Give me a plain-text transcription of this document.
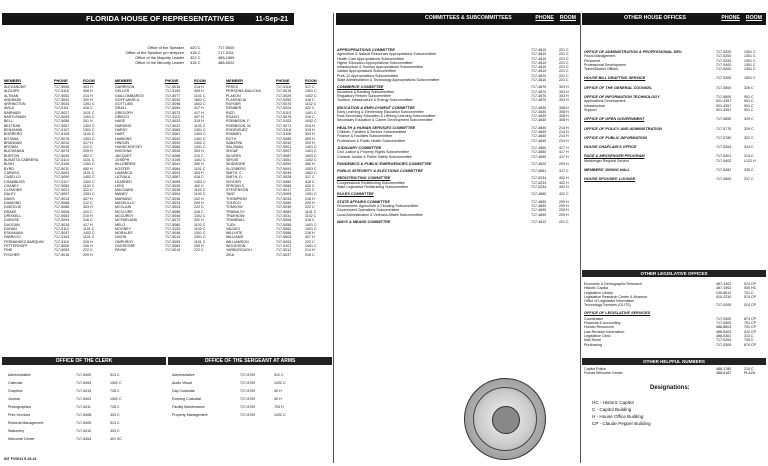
FLORIDA HOUSE OF REPRESENTATIVES	11-Sep-21	COMMITTEES & SUBCOMMITTEES	PHONE ROOM	OTHER HOUSE OFFICES	PHONE ROOM
Office of the Speaker	420 C	717-5000
Office of the Speaker pro tempore	418 C	717-5111
Office of the Majority Leader	322 C	488-1565
Office of the Minority Leader	316 C	488-9022
MEMBER	PHONE	ROOM
ALEXANDER	717-5008	403 H
ALDUIPS	717-5115	308 H
ALTMAN	717-5052	214 H
ANDRADE	717-5002	300 H
ARRINGTON	717-5043	1301 C
AVILA	717-5111	418 C
BARNABY	717-5027	1101 C
BARTLEMAN	717-5099	1401 C
BELL	717-5056	201 H
BELTRAN	717-5057	1302 C
BENJAMIN	717-5107	1301 C
BORRERO	717-5105	1102 C
BOTANA	717-5076	1401 C
BRANNAN	717-5010	417 H
BROWN	717-5045	212 C
BUCHANAN	717-5074	209 H
BURTON	717-5040	402 C
BUSATTA CABRERA	717-5114	1101 C
BUSH	717-5109	1301 C
BYRD	717-5011	400 H
CARUSO	717-5091	1101 C
CASELLO	717-5090	1402 C
CHAMBLISS	717-5117	1302 C
CHANEY	717-5069	1102 C
CLEMONS	717-5021	322 C
DALEY	717-5097	1301 C
DAVIS	717-5013	407 H
DIAMOND	717-5068	212 C
DIGEGLIE	717-5085	303 H
DRAKE	717-5005	410 C
DRISKELL	717-5063	210 H
DUBOSE	717-5094	316 C
DUGGAN	717-5015	417 H
DURAN	717-5112	1101 C
ESKAMANI	717-5047	1402 C
FABRICIO	717-5103	1101 C
FERNANDEZ-BARQUIN	717-5119	315 H
FETTERHOFF	717-5026	200 H
FINE	717-5053	222 C
FISCHER	717-5016	209 H
MEMBER	PHONE	ROOM
GARRISON	717-5018	214 H
GELLER	717-5100	405 H
GIALLOMBARDO	717-5077	1101 C
GOFF-MARCIL	717-5030	1602 C
GOTTLIEB	717-5098	1602 C
GRALL	717-5054	417 H
GREGORY	717-5073	417 H
GRIECO	717-5113	407 H
HAGE	717-5033	315 H
HARDING	717-5022	1101 C
HARDY	717-5065	1301 C
HART	717-5061	1303 C
HAWKINS	717-5042	1401 C
HINSON	717-5020	1302 C
HUNSCHOFSKY	717-5066	1301 C
INSOGNA	717-5035	303 H
JACQUET	717-5088	210 C
JOSEPH	717-5108	1402 C
KILLEBREW	717-5041	300 H
KOSTER	717-5064	1101 C
LAMARCA	717-5093	303 H
LATVALA	717-5067	418 C
LEARNED	717-5059	1302 C
LEEK	717-5025	402 H
MACGARD	717-5036	1102 C
MANEY	717-5004	1102 C
MARIANO	717-5036	102 H
MASSULLO	717-5034	209 H
MCCLAIN	717-5023	222 C
MCCLURE	717-5058	316 C
MCCURDY	717-5046	1302 C
MCFARLAND	717-5072	302 H
MELO	717-5080	1102 C
MOONEY	717-5120	1102 C
MORALES	717-5048	1301 C
NIXON	717-5014	1301 C
OMPHROY	717-5095	1101 C
OVERDORF	717-5083	209 H
PAYNE	717-5019	222 C
MEMBER	PHONE	ROOM
PEREZ	717-5116	317 C
PERSONS-MULICKA	717-5078	1401 C
PLAKON	717-5029	1402 C
PLASENCIA	717-5050	418 C
RAYNER	717-5070	1102 C
RENNER	717-5024	422 C
RIZO	717-5110	1401 C
ROACH	717-5079	316 C
ROBINSON, F.	717-5102	1002 C
ROBINSON, W.	717-5071	314 H
RODRIGUEZ	717-5118	315 H
ROMMEL	717-5106	303 H
ROTH	717-5085	409 H
SABATINI	717-5032	209 H
SALZMAN	717-5001	1401 C
SHOAF	717-5007	1401 C
SILVERS	717-5087	1603 C
SIROIS	717-5051	1302 C
SKIDMORE	717-5092	400 H
SLOSBERG	717-5091	1003 C
SMITH, C.	717-5049	1602 C
SMITH, D.	717-5028	317 C
SNYDER	717-5082	418 C
SPROWLS	717-5069	420 C
STEVENSON	717-5017	222 C
TANT	717-5009	1301 C
THOMPSON	717-5044	218 H
TOLEDO	717-5060	209 H
TOMKOW	717-5039	222 C
TRABULSY	717-5084	1101 C
TRUENOW	717-5031	1102 C
TRUMBULL	717-5006	418 C
TUCK	717-5055	1401 C
VALDES	717-5062	1301 C
WILLHITE	717-5086	218 H
WILLIAMS	717-5003	407 H
WILLIAMSON	717-5003	222 C
WOODSON	717-5101	1401 C
YARBOROUGH	717-5012	214 H
ZIKA	717-5037	316 C
OFFICE OF THE CLERK	OFFICE OF THE SERGEANT AT ARMS
Administrative	717-5400	513 C
Calendar	717-5494	1502 C
Graphics	717-5415	726 C
Journal	717-5403	1502 C
Photographics	717-5411	726 C
Print Services	717-5408	334 C
Records Management	717-5405	513 C
Stationery	717-5410	334 C
Welcome Center	717-5454	401 SC
Administrative	717-5700	512 C
Audio Visual	717-5700	1202 C
Day Custodial	717-5700	45 H
Evening Custodial	717-5700	45 H
Facility Maintenance	717-5700	703 H
Property Management	717-5700	1202 C
INT FV0011 9-15-21
APPROPRIATIONS COMMITTEE	717-4810	221 C
Agriculture & Natural Resources Appropriations Subcommittee	717-4810	221 C
Health Care Appropriations Subcommittee	717-4810	221 C
Higher Education Appropriations Subcommittee	717-4810	221 C
Infrastructure & Tourism Appropriations Subcommittee	717-4810	221 C
Justice Appropriations Subcommittee	717-4810	221 C
PreK-12 Appropriations Subcommittee	717-4810	221 C
State Administration & Technology Appropriations Subcommittee	717-4810	221 C
COMMERCE COMMITTEE	717-4870	303 H
Insurance & Banking Subcommittee	717-4870	303 H
Regulatory Reform Subcommittee	717-4870	303 H
Tourism, Infrastructure & Energy Subcommittee	717-4870	303 H
EDUCATION & EMPLOYMENT COMMITTEE	717-4830	308 H
Early Learning & Elementary Education Subcommittee	717-4830	308 H
Post-Secondary Education & Lifelong Learning Subcommittee	717-4830	308 H
Secondary Education & Career Development Subcommittee	717-4830	308 H
HEALTH & HUMAN SERVICES COMMITTEE	717-4840	214 H
Children, Families & Seniors Subcommittee	717-4840	214 H
Finance & Facilities Subcommittee	717-4840	214 H
Professions & Public Health Subcommittee	717-4840	214 H
JUDICIARY COMMITTEE	717-4850	417 H
Civil Justice & Property Rights Subcommittee	717-4850	417 H
Criminal Justice & Public Safety Subcommittee	717-4850	417 H
PANDEMICS & PUBLIC EMERGENCIES COMMITTEE	717-4820	203 H
PUBLIC INTEGRITY & ELECTIONS COMMITTEE	717-4881	317 C
REDISTRICTING COMMITTEE	717-5234	402 H
Congressional Redistricting Subcommittee	717-5234	402 H
State Legislative Redistricting Subcommittee	717-5234	402 H
RULES COMMITTEE	717-4880	422 C
STATE AFFAIRS COMMITTEE	717-4890	209 H
Environment, Agriculture & Flooding Subcommittee	717-4890	209 H
Government Operations Subcommittee	717-4890	209 H
Local Administration & Veterans Affairs Subcommittee	717-4890	209 H
WAYS & MEANS COMMITTEE	717-4812	221 C
OFFICE OF ADMINISTRATION & PROFESSIONAL DEV.	717-5200	1301 C
Fiscal Management	717-5200	1301 C
Personnel	717-5200	1301 C
Professional Development	717-5400	1301 C
Travel/District Offices	717-5200	1301 C
HOUSE BILL DRAFTING SERVICE	717-5300	1501 C
OFFICE OF THE GENERAL COUNSEL	717-5500	326 C
OFFICE OF INFORMATION TECHNOLOGY	717-5600	901 C
Applications Development	921-4357	901 C
Infrastructure	921-4357	901 C
Support	921-4357	901 C
OFFICE OF OPEN GOVERNMENT	717-5650	329 C
OFFICE OF POLICY AND ADMINISTRATION	717-5770	329 C
OFFICE OF PUBLIC INFORMATION	717-5780	322 C
HOUSE CHAPLAIN'S OFFICE	717-5263	314 C
PAGE & MESSENGER PROGRAM	717-5401	313 C
Messenger Request Service	717-5402	L122 H
MEMBERS' DINING HALL	717-5282	335 C
HOUSE SPOUSES' LOUNGE	717-4500	317 C
OTHER LEGISLATIVE OFFICES
Economic & Demographic Research	487-1402	574 CP
Historic Capitol	487-1902	000 HC
Legislative Library	245-6612	701 C
Legislative Research Center & Museum	410-2230	574 CP
Office of Legislative Information
Technology Services (OLITS)	717-0200	024 CP
OFFICE OF LEGISLATIVE SERVICES
Coordinator	717-0300	874 CP
Financial & Accounting	717-0500	701 CP
Human Resources	488-8603	701 CP
Law Revision Information	488-8403	412 CP
Legislative Clinic	488-5361	313 C
Mail Room	717-0200	700 C
Purchasing	717-0305	874 CP
OTHER HELPFUL NUMBERS
Capitol Police	488-1780	210 C
Florida Welcome Center	488-6167	PLAZA
Designations:
HC - Historic Capitol
C - Capitol Building
H - House Office Building
CP - Claude Pepper Building
